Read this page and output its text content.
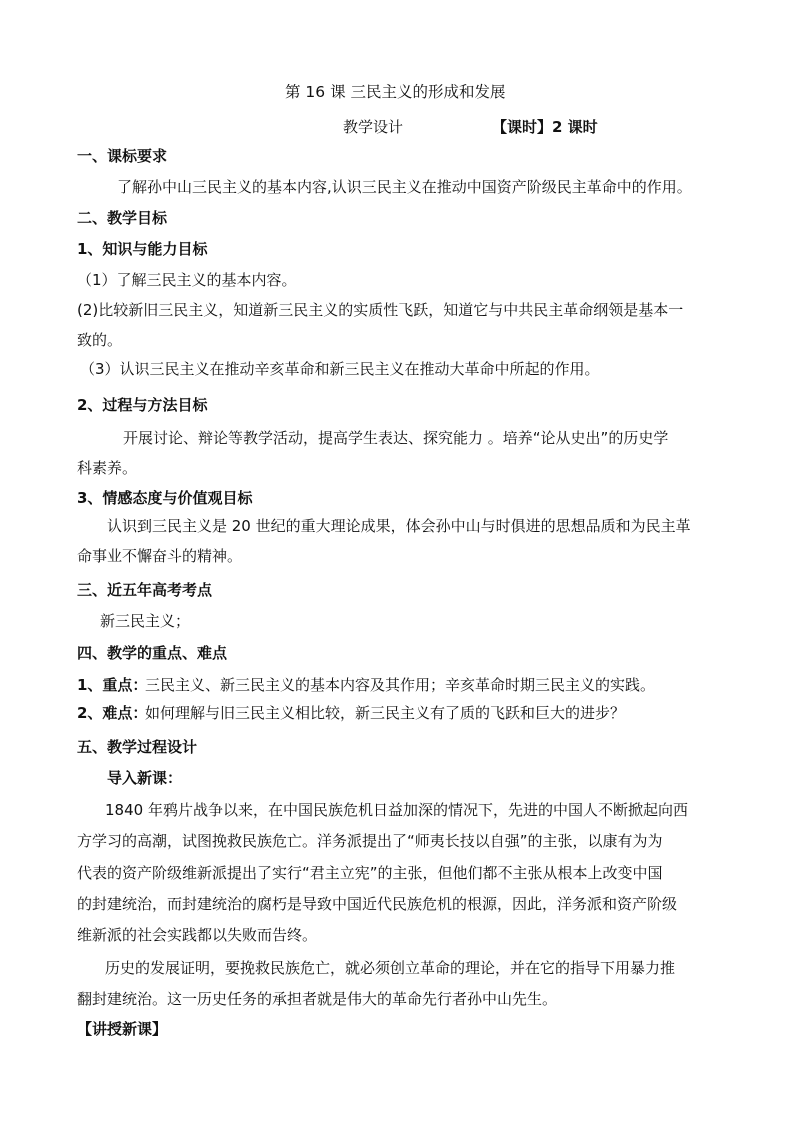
第 16 课 三民主义的形成和发展
教学设计	【课时】2 课时
一、课标要求
了解孙中山三民主义的基本内容,认识三民主义在推动中国资产阶级民主革命中的作用。
二、教学目标
1、知识与能力目标
（1）了解三民主义的基本内容。
(2)比较新旧三民主义，知道新三民主义的实质性飞跃，知道它与中共民主革命纲领是基本一
致的。
（3）认识三民主义在推动辛亥革命和新三民主义在推动大革命中所起的作用。
2、过程与方法目标
开展讨论、辩论等教学活动，提高学生表达、探究能力 。培养“论从史出”的历史学
科素养。
3、情感态度与价值观目标
认识到三民主义是 20 世纪的重大理论成果，体会孙中山与时俱进的思想品质和为民主革
命事业不懈奋斗的精神。
三、近五年高考考点
新三民主义；
四、教学的重点、难点
1、重点：
三民主义、新三民主义的基本内容及其作用；辛亥革命时期三民主义的实践。
2、难点：
如何理解与旧三民主义相比较，新三民主义有了质的飞跃和巨大的进步？
五、教学过程设计
导入新课：
1840 年鸦片战争以来，在中国民族危机日益加深的情况下，先进的中国人不断掀起向西
方学习的高潮，试图挽救民族危亡。洋务派提出了“师夷长技以自强”的主张，以康有为为
代表的资产阶级维新派提出了实行“君主立宪”的主张，但他们都不主张从根本上改变中国
的封建统治，而封建统治的腐朽是导致中国近代民族危机的根源，因此，洋务派和资产阶级
维新派的社会实践都以失败而告终。
历史的发展证明，要挽救民族危亡，就必须创立革命的理论，并在它的指导下用暴力推
翻封建统治。这一历史任务的承担者就是伟大的革命先行者孙中山先生。
【讲授新课】
